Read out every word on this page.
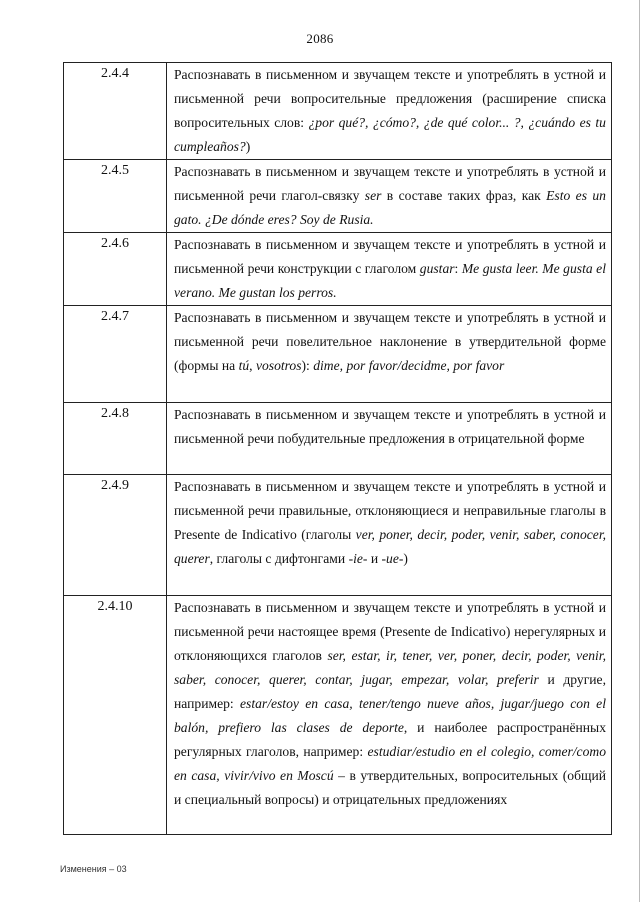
2086
2.4.4	Распознавать в письменном и звучащем тексте и употреблять в устной и письменной речи вопросительные предложения (расширение списка вопросительных слов: ¿por qué?, ¿cómo?, ¿de qué color... ?, ¿cuándo es tu cumpleaños?)
2.4.5	Распознавать в письменном и звучащем тексте и употреблять в устной и письменной речи глагол-связку ser в составе таких фраз, как Esto es un gato. ¿De dónde eres? Soy de Rusia.
2.4.6	Распознавать в письменном и звучащем тексте и употреблять в устной и письменной речи конструкции с глаголом gustar: Me gusta leer. Me gusta el verano. Me gustan los perros.
2.4.7	Распознавать в письменном и звучащем тексте и употреблять в устной и письменной речи повелительное наклонение в утвердительной форме (формы на tú, vosotros): dime, por favor/decidme, por favor
2.4.8	Распознавать в письменном и звучащем тексте и употреблять в устной и письменной речи побудительные предложения в отрицательной форме
2.4.9	Распознавать в письменном и звучащем тексте и употреблять в устной и письменной речи правильные, отклоняющиеся и неправильные глаголы в Presente de Indicativo (глаголы ver, poner, decir, poder, venir, saber, conocer, querer, глаголы с дифтонгами -ie- и -ue-)
2.4.10	Распознавать в письменном и звучащем тексте и употреблять в устной и письменной речи настоящее время (Presente de Indicativo) нерегулярных и отклоняющихся глаголов ser, estar, ir, tener, ver, poner, decir, poder, venir, saber, conocer, querer, contar, jugar, empezar, volar, preferir и другие, например: estar/estoy en casa, tener/tengo nueve años, jugar/juego con el balón, prefiero las clases de deporte, и наиболее распространённых регулярных глаголов, например: estudiar/estudio en el colegio, comer/como en casa, vivir/vivo en Moscú – в утвердительных, вопросительных (общий и специальный вопросы) и отрицательных предложениях
Изменения – 03
